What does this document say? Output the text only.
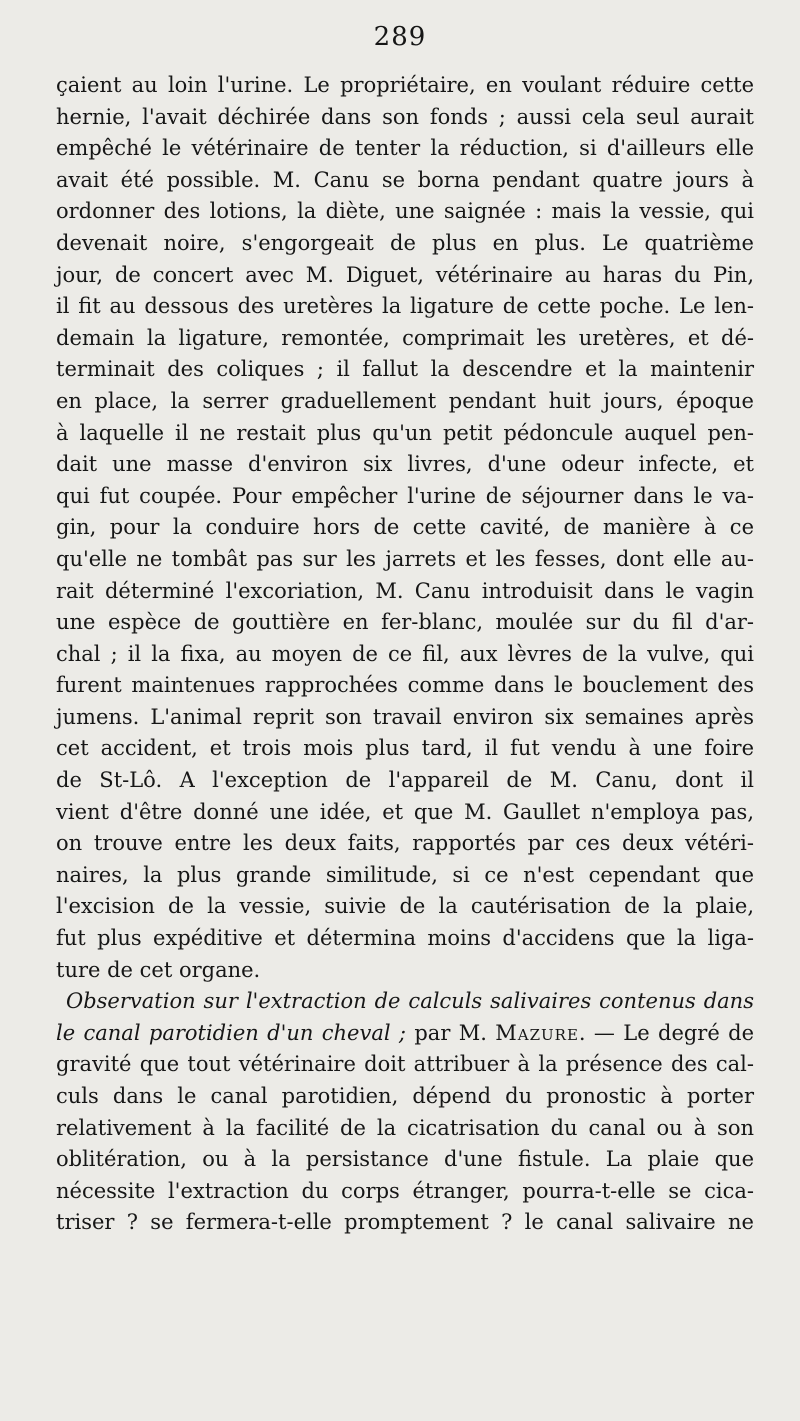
289
çaient au loin l'urine. Le propriétaire, en voulant réduire cette
hernie, l'avait déchirée dans son fonds ; aussi cela seul aurait
empêché le vétérinaire de tenter la réduction, si d'ailleurs elle
avait été possible. M. Canu se borna pendant quatre jours à
ordonner des lotions, la diète, une saignée : mais la vessie, qui
devenait noire, s'engorgeait de plus en plus. Le quatrième
jour, de concert avec M. Diguet, vétérinaire au haras du Pin,
il fit au dessous des uretères la ligature de cette poche. Le len-
demain la ligature, remontée, comprimait les uretères, et dé-
terminait des coliques ; il fallut la descendre et la maintenir
en place, la serrer graduellement pendant huit jours, époque
à laquelle il ne restait plus qu'un petit pédoncule auquel pen-
dait une masse d'environ six livres, d'une odeur infecte, et
qui fut coupée. Pour empêcher l'urine de séjourner dans le va-
gin, pour la conduire hors de cette cavité, de manière à ce
qu'elle ne tombât pas sur les jarrets et les fesses, dont elle au-
rait déterminé l'excoriation, M. Canu introduisit dans le vagin
une espèce de gouttière en fer-blanc, moulée sur du fil d'ar-
chal ; il la fixa, au moyen de ce fil, aux lèvres de la vulve, qui
furent maintenues rapprochées comme dans le bouclement des
jumens. L'animal reprit son travail environ six semaines après
cet accident, et trois mois plus tard, il fut vendu à une foire
de St-Lô. A l'exception de l'appareil de M. Canu, dont il
vient d'être donné une idée, et que M. Gaullet n'employa pas,
on trouve entre les deux faits, rapportés par ces deux vétéri-
naires, la plus grande similitude, si ce n'est cependant que
l'excision de la vessie, suivie de la cautérisation de la plaie,
fut plus expéditive et détermina moins d'accidens que la liga-
ture de cet organe.
Observation sur l'extraction de calculs salivaires contenus dans
le canal parotidien d'un cheval ; par M. Mazure. — Le degré de
gravité que tout vétérinaire doit attribuer à la présence des cal-
culs dans le canal parotidien, dépend du pronostic à porter
relativement à la facilité de la cicatrisation du canal ou à son
oblitération, ou à la persistance d'une fistule. La plaie que
nécessite l'extraction du corps étranger, pourra-t-elle se cica-
triser ? se fermera-t-elle promptement ? le canal salivaire ne
